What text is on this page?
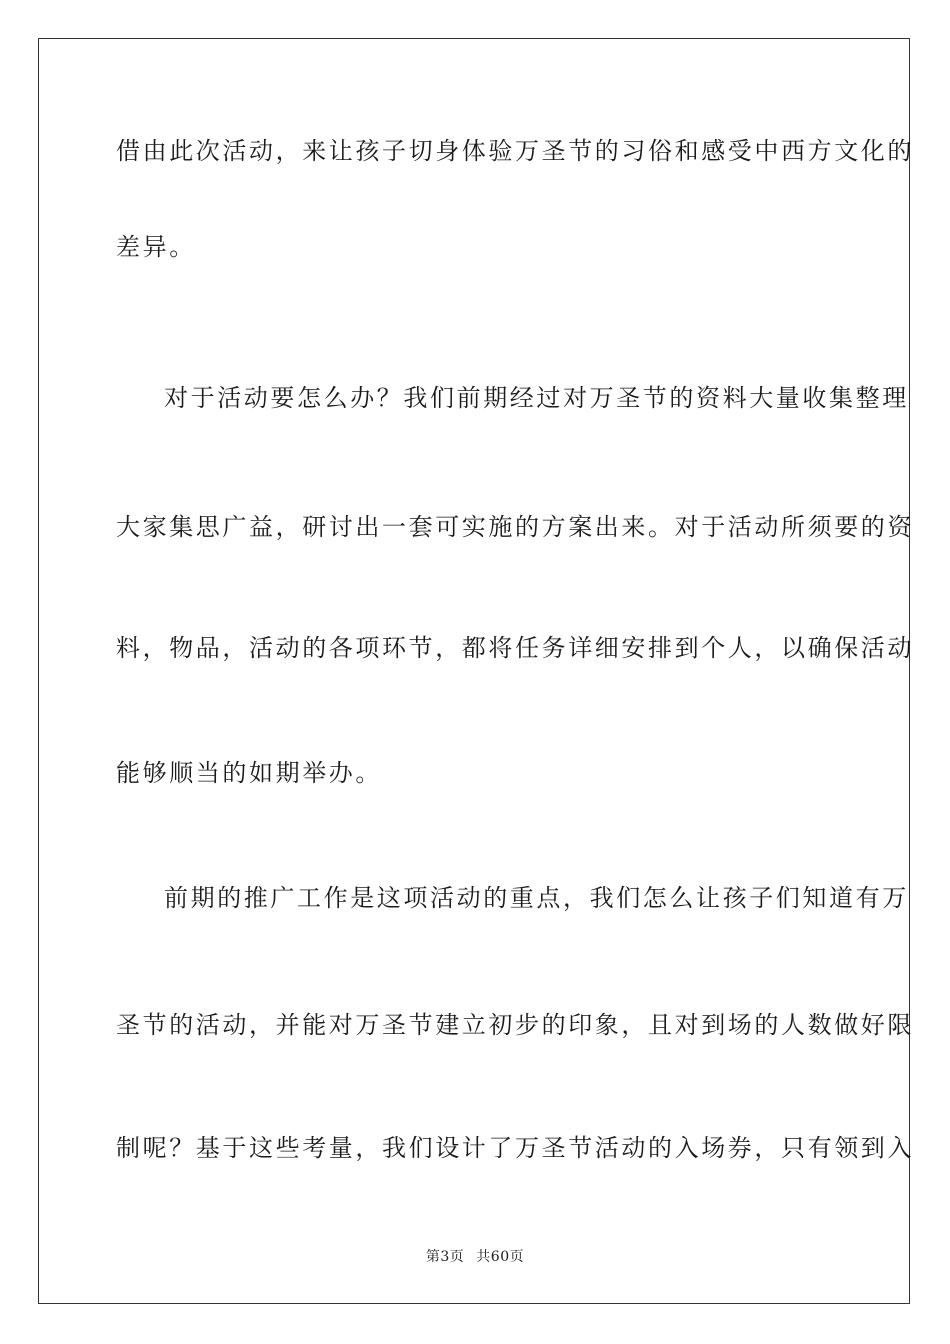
借由此次活动，来让孩子切身体验万圣节的习俗和感受中西方文化的
差异。
对于活动要怎么办？我们前期经过对万圣节的资料大量收集整理
大家集思广益，研讨出一套可实施的方案出来。对于活动所须要的资
料，物品，活动的各项环节，都将任务详细安排到个人，以确保活动
能够顺当的如期举办。
前期的推广工作是这项活动的重点，我们怎么让孩子们知道有万
圣节的活动，并能对万圣节建立初步的印象，且对到场的人数做好限
制呢？基于这些考量，我们设计了万圣节活动的入场券，只有领到入
第3页 共60页
